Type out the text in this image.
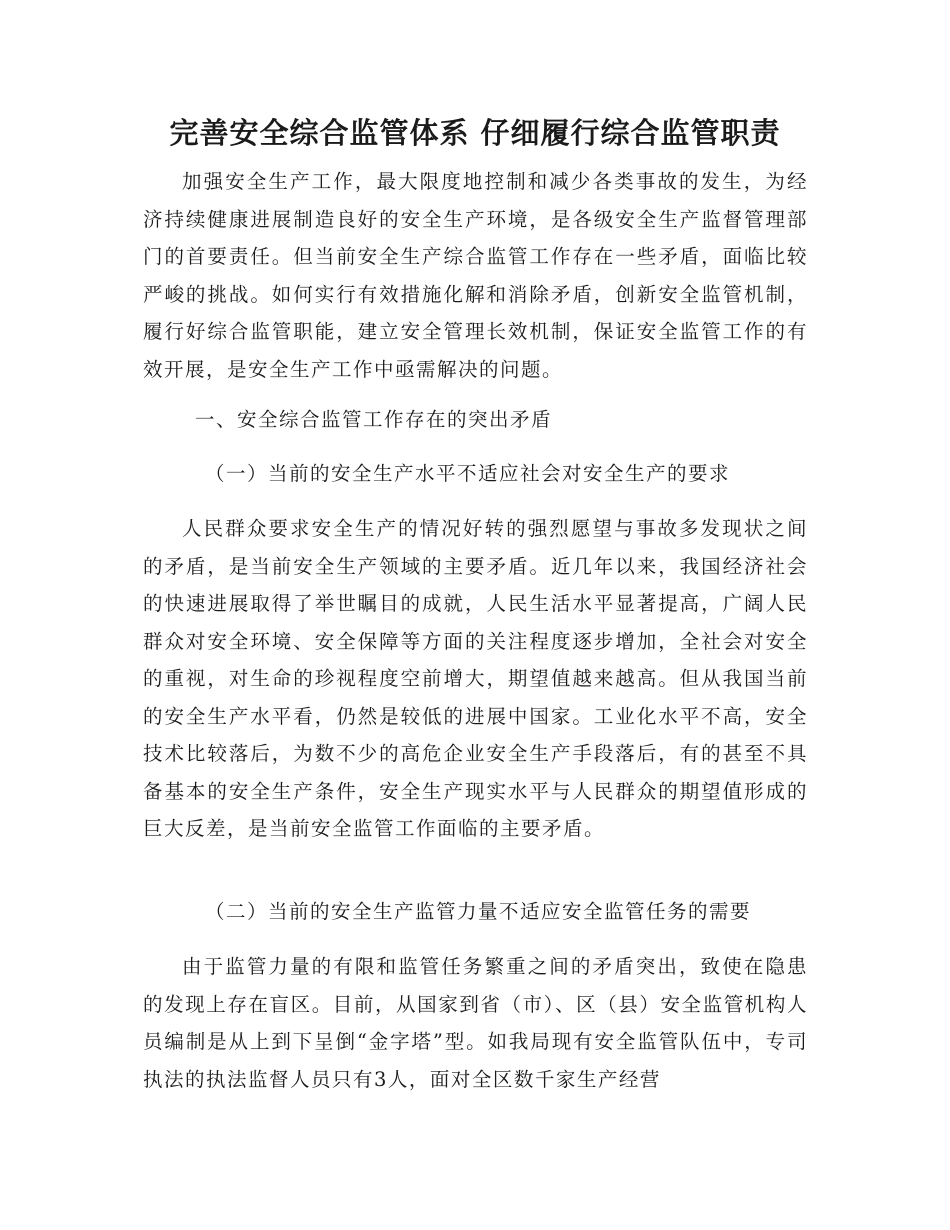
完善安全综合监管体系 仔细履行综合监管职责

加强安全生产工作，最大限度地控制和减少各类事故的发生，为经济持续健康进展制造良好的安全生产环境，是各级安全生产监督管理部门的首要责任。但当前安全生产综合监管工作存在一些矛盾，面临比较严峻的挑战。如何实行有效措施化解和消除矛盾，创新安全监管机制，履行好综合监管职能，建立安全管理长效机制，保证安全监管工作的有效开展，是安全生产工作中亟需解决的问题。

一、安全综合监管工作存在的突出矛盾

（一）当前的安全生产水平不适应社会对安全生产的要求

人民群众要求安全生产的情况好转的强烈愿望与事故多发现状之间的矛盾，是当前安全生产领域的主要矛盾。近几年以来，我国经济社会的快速进展取得了举世瞩目的成就，人民生活水平显著提高，广阔人民群众对安全环境、安全保障等方面的关注程度逐步增加，全社会对安全的重视，对生命的珍视程度空前增大，期望值越来越高。但从我国当前的安全生产水平看，仍然是较低的进展中国家。工业化水平不高，安全技术比较落后，为数不少的高危企业安全生产手段落后，有的甚至不具备基本的安全生产条件，安全生产现实水平与人民群众的期望值形成的巨大反差，是当前安全监管工作面临的主要矛盾。

（二）当前的安全生产监管力量不适应安全监管任务的需要

由于监管力量的有限和监管任务繁重之间的矛盾突出，致使在隐患的发现上存在盲区。目前，从国家到省（市）、区（县）安全监管机构人员编制是从上到下呈倒“金字塔”型。如我局现有安全监管队伍中，专司执法的执法监督人员只有3人，面对全区数千家生产经营
